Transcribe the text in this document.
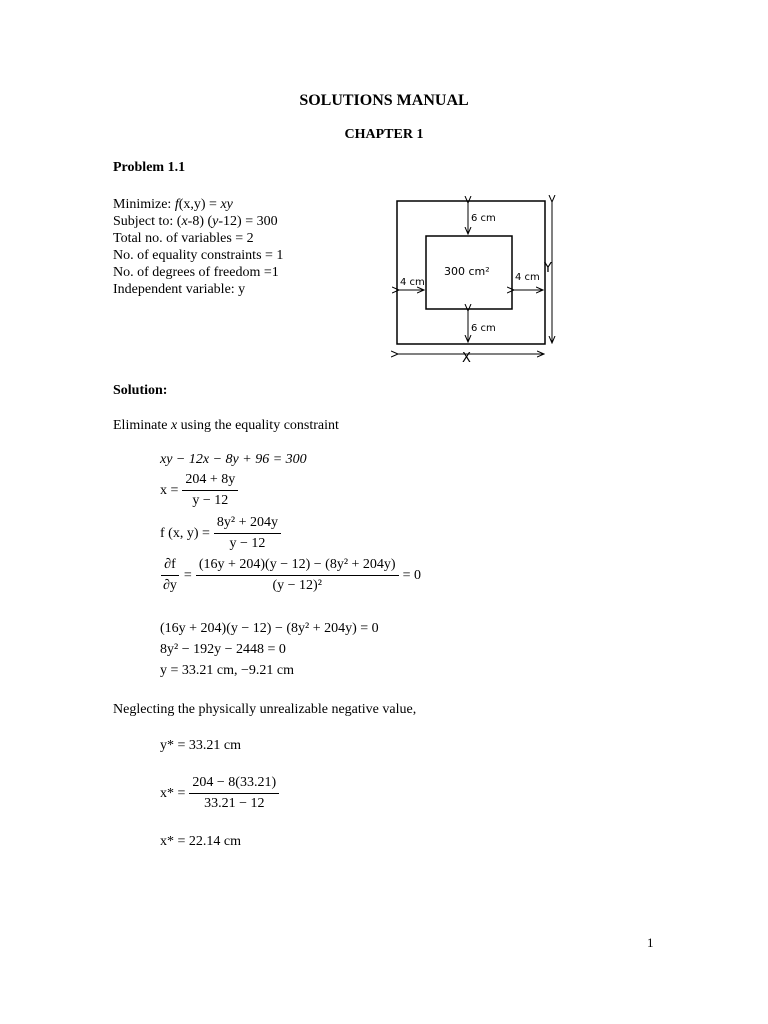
SOLUTIONS MANUAL
CHAPTER 1
Problem 1.1
Minimize: f(x,y) = xy
Subject to: (x-8) (y-12) = 300
Total no. of variables = 2
No. of equality constraints = 1
No. of degrees of freedom =1
Independent variable: y
6 cm
6 cm
4 cm	4 cm
300 cm²	Y
X
Solution:
Eliminate x using the equality constraint
xy − 12x − 8y + 96 = 300
$x = \frac{204 + 8y}{y - 12}$
f (x, $y) = \frac{\text{8y² + 204y}}{y - 12}$
$\frac{\partial f}{\partial y} = \frac{\text{(16y + 204)(y − 12) − (8y² + 204y)}}{\text{(y − 12)²}} = 0$
(16y + 204)(y − 12) − (8y² + 204y) = 0
8y² − 192y − 2448 = 0
y = 33.21 cm, −9.21 cm
Neglecting the physically unrealizable negative value,
y* = 33.21 cm
$x* = \frac{204 - 8(33.21)}{33.21 - 12}$
x* = 22.14 cm
1
